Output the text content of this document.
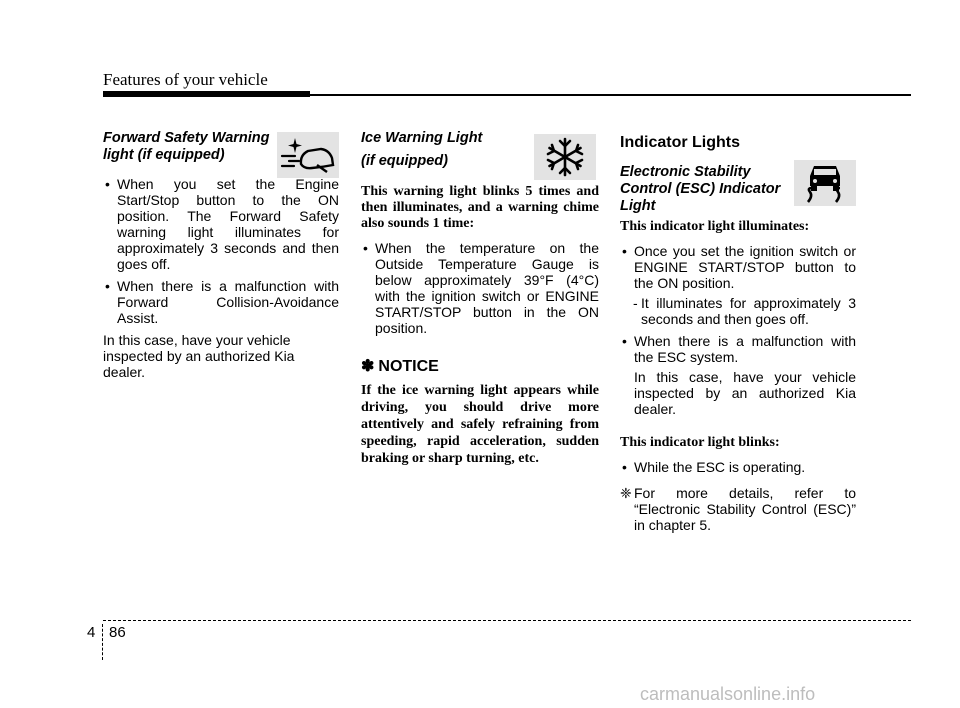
Features of your vehicle

Forward Safety Warning
light (if equipped)

• When you set the Engine Start/Stop button to the ON position. The Forward Safety warning light illuminates for approximately 3 seconds and then goes off.
• When there is a malfunction with Forward Collision-Avoidance Assist.
In this case, have your vehicle inspected by an authorized Kia dealer.

Ice Warning Light

(if equipped)

This warning light blinks 5 times and then illuminates, and a warning chime also sounds 1 time:
• When the temperature on the Outside Temperature Gauge is below approximately 39°F (4°C) with the ignition switch or ENGINE START/STOP button in the ON position.
✽ NOTICE
If the ice warning light appears while driving, you should drive more attentively and safely refraining from speeding, rapid acceleration, sudden braking or sharp turning, etc.
Indicator Lights

Electronic Stability
Control (ESC) Indicator
Light

This indicator light illuminates:
• Once you set the ignition switch or ENGINE START/STOP button to the ON position.
- It illuminates for approximately 3 seconds and then goes off.
• When there is a malfunction with the ESC system.
In this case, have your vehicle inspected by an authorized Kia dealer.
This indicator light blinks:
• While the ESC is operating.
❈ For more details, refer to “Electronic Stability Control (ESC)” in chapter 5.
4 86
carmanualsonline.info
